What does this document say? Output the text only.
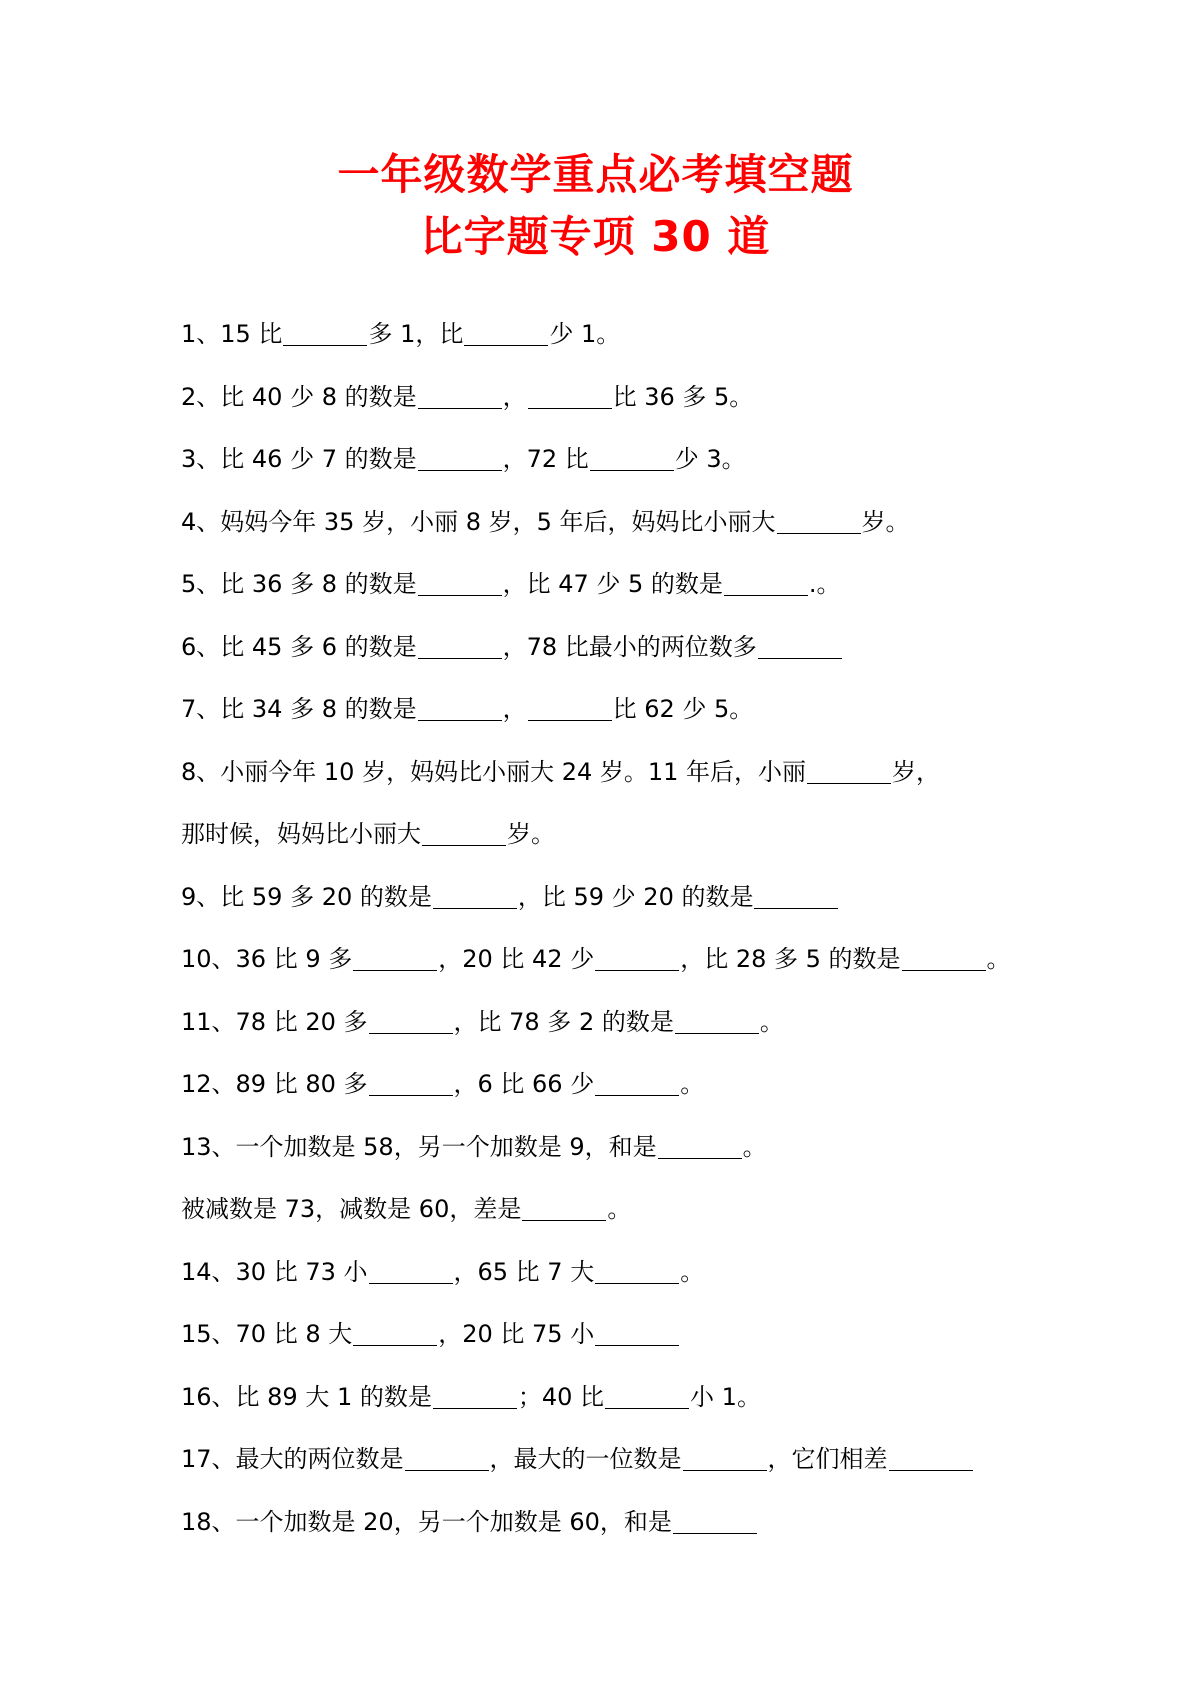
一年级数学重点必考填空题
比字题专项 30 道
1、15 比	多 1，比	少 1。
2、比 40 少 8 的数是	，	比 36 多 5。
3、比 46 少 7 的数是	，72 比	少 3。
4、妈妈今年 35 岁，小丽 8 岁，5 年后，妈妈比小丽大	岁。
5、比 36 多 8 的数是	，比 47 少 5 的数是	.。
6、比 45 多 6 的数是	，78 比最小的两位数多
7、比 34 多 8 的数是	，	比 62 少 5。
8、小丽今年 10 岁，妈妈比小丽大 24 岁。11 年后，小丽	岁，
那时候，妈妈比小丽大	岁。
9、比 59 多 20 的数是	，比 59 少 20 的数是
10、36 比 9 多	，20 比 42 少	，比 28 多 5 的数是	。
11、78 比 20 多	，比 78 多 2 的数是	。
12、89 比 80 多	，6 比 66 少	。
13、一个加数是 58，另一个加数是 9，和是	。
被减数是 73，减数是 60，差是	。
14、30 比 73 小	，65 比 7 大	。
15、70 比 8 大	，20 比 75 小
16、比 89 大 1 的数是	；40 比	小 1。
17、最大的两位数是	，最大的一位数是	，它们相差
18、一个加数是 20，另一个加数是 60，和是
